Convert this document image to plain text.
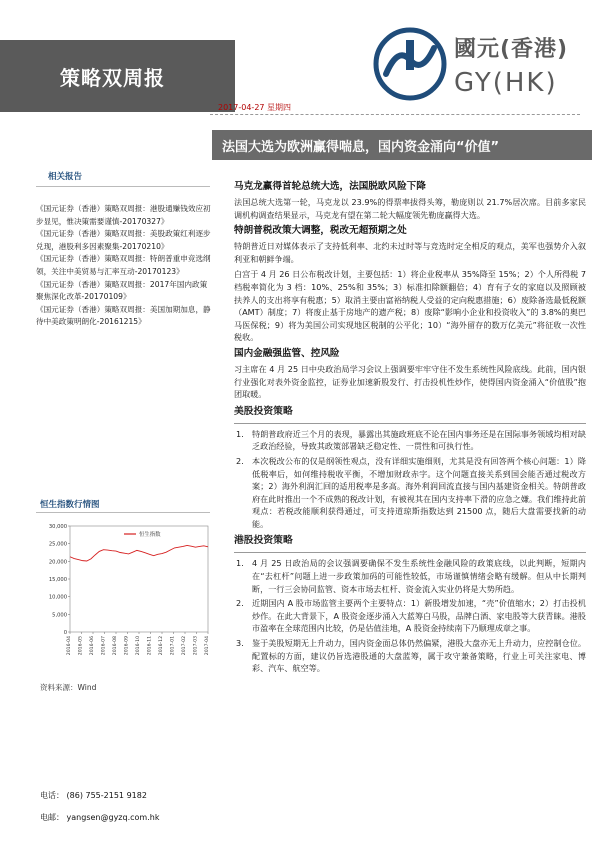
策略双周报
國元(香港)
GY(HK)
2017-04-27 星期四
法国大选为欧洲赢得喘息，国内资金涌向“价值”
相关报告

《国元证券（香港）策略双周报：港股通赚钱效应初步显见，惟决策需要谨慎-20170327》

《国元证券（香港）策略双周报：美股政策红利逐步兑现，港股利多因素聚集-20170210》

《国元证券（香港）策略双周报：特朗普重申竞选纲领，关注中美贸易与汇率互动-20170123》

《国元证券（香港）策略双周报：2017年国内政策聚焦深化改革-20170109》

《国元证券（香港）策略双周报：美国加期加息，静待中美政策明朗化-20161215》

恒生指数行情图
30,000
25,000
20,000
15,000
10,000
5,000
0
2016-04 2016-05 2016-06 2016-07 2016-08 2016-09 2016-10 2016-11 2016-12 2017-01 2017-02 2017-03 2017-04
恒生指数
资料来源：Wind
电话： (86) 755-2151 9182
电邮： yangsen@gyzq.com.hk
马克龙赢得首轮总统大选，法国脱欧风险下降

法国总统大选第一轮，马克龙以 23.9%的得票率拔得头筹，勒庞则以 21.7%居次席。目前多家民调机构调查结果显示，马克龙有望在第二轮大幅度领先勒庞赢得大选。

特朗普税改策大调整，税改无超预期之处

特朗普近日对媒体表示了支持低利率、北约未过时等与竞选时定全相反的观点，美军也强势介入叙利亚和朝鲜争端。

白宫于 4 月 26 日公布税改计划，主要包括：1）将企业税率从 35%降至 15%；2）个人所得税 7 档税率简化为 3 档：10%、25%和 35%；3）标准扣除额翻倍；4）育有子女的家庭以及照顾被扶养人的支出将享有税惠；5）取消主要由富裕纳税人受益的定向税惠措施；6）废除备选最低税额（AMT）制度；7）将废止基于房地产的遗产税；8）废除“影响小企业和投资收入”的 3.8%的奥巴马医保税；9）将为美国公司实现地区税制的公平化；10）“海外留存的数万亿美元”将征收一次性税收。

国内金融强监管、控风险

习主席在 4 月 25 日中央政治局学习会议上强调要牢牢守住不发生系统性风险底线。此前，国内银行业强化对表外资金监控，证券业加速新股发行、打击投机性炒作，使得国内资金涌入“价值股”抱团取暖。

美股投资策略
1. 特朗普政府近三个月的表现，暴露出其施政班底不论在国内事务还是在国际事务领域均相对缺乏政治经验，导致其政策部署缺乏稳定性、一贯性和可执行性。
2. 本次税改公布的仅是纲领性观点，没有详细实施细则，尤其是没有回答两个核心问题：1）降低税率后，如何维持税收平衡，不增加财政赤字。这个问题直接关系到国会能否通过税改方案；2）海外利润汇回的适用税率是多高。海外利润回流直接与国内基建资金相关。特朗普政府在此时推出一个不成熟的税改计划，有被视其在国内支持率下滑的应急之嫌。我们维持此前观点：若税改能顺利获得通过，可支持道琼斯指数达到 21500 点，随后大盘需要找新的动能。
港股投资策略
1. 4 月 25 日政治局的会议强调要确保不发生系统性金融风险的政策底线，以此判断，短期内在“去杠杆”问题上进一步政策加码的可能性较低，市场谨慎情绪会略有缓解。但从中长期判断，一行三会协同监管、资本市场去杠杆、资金流入实业仍将是大势所趋。
2. 近期国内 A 股市场监管主要两个主要特点：1）新股增发加速，“壳”价值缩水；2）打击投机炒作。在此大背景下，A 股资金逐步涌入大蓝筹白马股，品牌白酒、家电股等大获青睐。港股市盈率在全球范围内比较，仍是估值洼地，A 股资金持续南下乃顺理成章之事。
3. 鉴于美股短期无上升动力，国内资金面总体仍然偏紧，港股大盘亦无上升动力，应控制仓位。配置标的方面，建议仍旨选港股通的大盘蓝筹，属于攻守兼备策略，行业上可关注家电、博彩、汽车、航空等。
